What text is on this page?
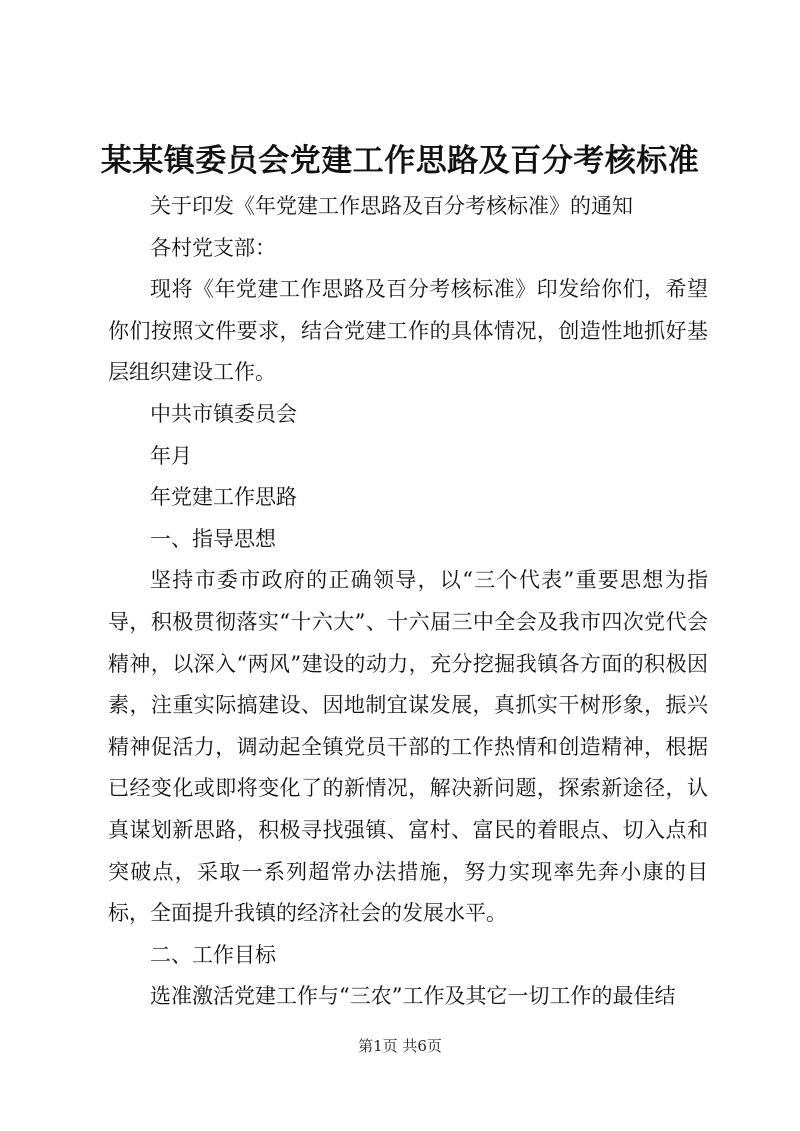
某某镇委员会党建工作思路及百分考核标准

关于印发《年党建工作思路及百分考核标准》的通知

各村党支部：

现将《年党建工作思路及百分考核标准》印发给你们，希望你们按照文件要求，结合党建工作的具体情况，创造性地抓好基层组织建设工作。

中共市镇委员会

年月

年党建工作思路

一、指导思想

坚持市委市政府的正确领导，以“三个代表”重要思想为指导，积极贯彻落实“十六大”、十六届三中全会及我市四次党代会精神，以深入“两风”建设的动力，充分挖掘我镇各方面的积极因素，注重实际搞建设、因地制宜谋发展，真抓实干树形象，振兴精神促活力，调动起全镇党员干部的工作热情和创造精神，根据已经变化或即将变化了的新情况，解决新问题，探索新途径，认真谋划新思路，积极寻找强镇、富村、富民的着眼点、切入点和突破点，采取一系列超常办法措施，努力实现率先奔小康的目标，全面提升我镇的经济社会的发展水平。

二、工作目标

选准激活党建工作与“三农”工作及其它一切工作的最佳结

第1页 共6页
